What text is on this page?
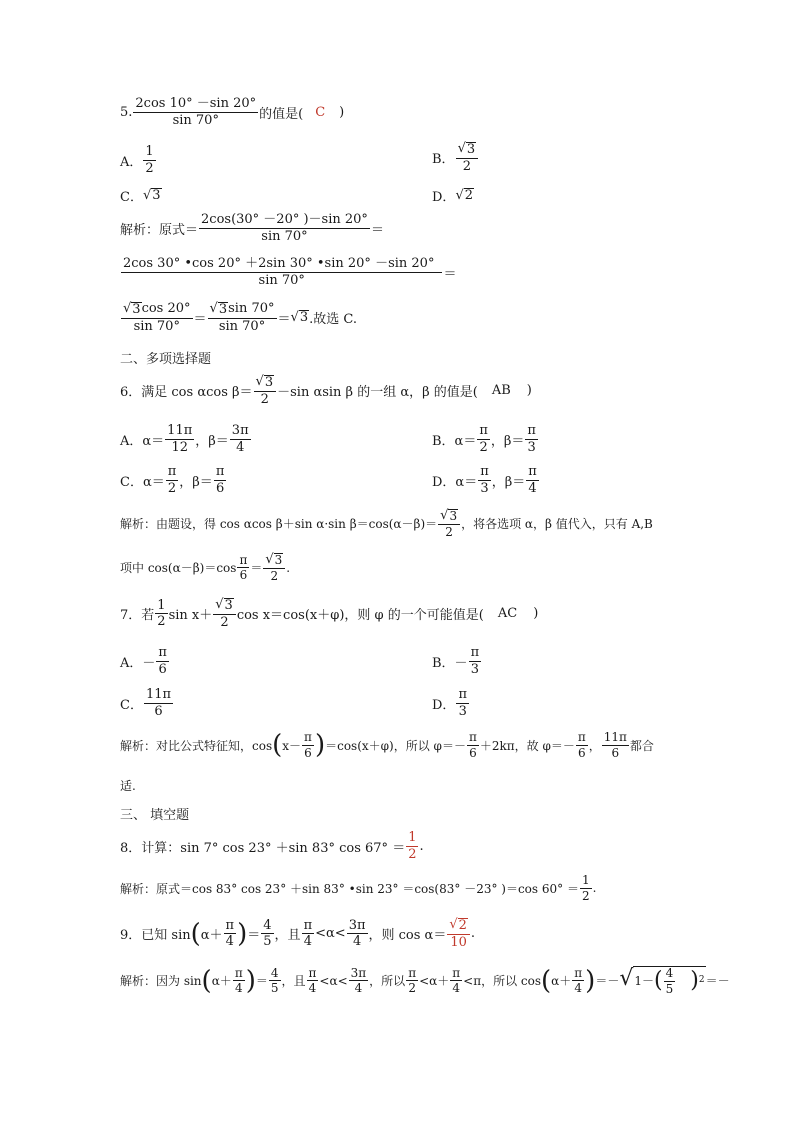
5. $\frac{2\cos 10^\circ -\sin 20^\circ}{\sin 70^\circ}$ 的值是( C )
A． $\frac{1}{2}$	B． $\frac{√ 3}{2}$
C． √ 3	D． √ 2
解析：原式＝ $\frac{2\cos(30^\circ -20^\circ )-\sin 20^\circ}{\sin 70^\circ}$ ＝
$\frac{2\cos 30^\circ •\cos 20^\circ +2\sin 30^\circ •\sin 20^\circ -\sin 20^\circ}{\sin 70^\circ}$ ＝
$\frac{√ 3 \cos 20^\circ}{\sin 70^\circ} = \frac{√ 3 \sin 70^\circ}{\sin 70^\circ}$ ＝ √ 3 .故选 C.
二、多项选择题
6．满足 cos αcos $\beta= \frac{√ 3}{2} -\sin$ αsin β 的一组 α，β 的值是( AB )
A．$\alpha= \frac{11\pi}{12}$ ，$\beta= \frac{3\pi}{4}$	B．$\alpha= \frac{\pi}{2}$ ，$\beta= \frac{\pi}{3}$
C．$\alpha= \frac{\pi}{2}$ ，$\beta= \frac{\pi}{6}$	D．$\alpha= \frac{\pi}{3}$ ，$\beta= \frac{\pi}{4}$
解析：由题设，得 cos αcos β＋sin α·sin $\beta=\cos(\alpha-\beta)= \frac{√ 3}{2}$ ，将各选项 α，β 值代入，只有 A,B
项中 $\cos(\alpha-\beta)=\cos \frac{\pi}{6} = \frac{√ 3}{2}$ .
7．若 $\frac{1}{2}$ $\sin x+ \frac{√ 3}{2}$ cos x＝cos(x＋φ)，则 φ 的一个可能值是( AC )
A．－ $\frac{\pi}{6}$	B．－ $\frac{\pi}{3}$
C． $\frac{11\pi}{6}$	D． $\frac{\pi}{3}$
解析：对比公式特征知，cos ( $x- \frac{\pi}{6}$ ) ＝cos(x＋φ)，所以 $\varphi=- \frac{\pi}{6} +2k\pi$，故 $\varphi=- \frac{\pi}{6}$ ， $\frac{11\pi}{6}$ 都合
适.
三、 填空题
8．计算：sin 7° cos 23° ＋sin 83° $\cos 67^\circ = \frac{1}{2}$ .
解析：原式＝cos 83° cos 23° ＋sin 83° •sin 23° ＝cos(83° －23° )＝cos $60^\circ = \frac{1}{2}$ .
9．已知 sin ( $\alpha+ \frac{\pi}{4}$ ) ＝ $\frac{4}{5}$ ，且 $\frac{\pi}{4} <\alpha< \frac{3\pi}{4}$ ，则 $\cos \alpha= \frac{√ 2}{10}$ .
解析：因为 sin ( $\alpha+ \frac{\pi}{4}$ ) ＝ $\frac{4}{5}$ ，且 $\frac{\pi}{4} <\alpha< \frac{3\pi}{4}$ ，所以 $\frac{\pi}{2} <\alpha+ \frac{\pi}{4} <\pi$，所以 cos ( $\alpha+ \frac{\pi}{4}$ ) ＝－ √ 1－ ( $\frac{4}{5}$ ) 2 ＝－
